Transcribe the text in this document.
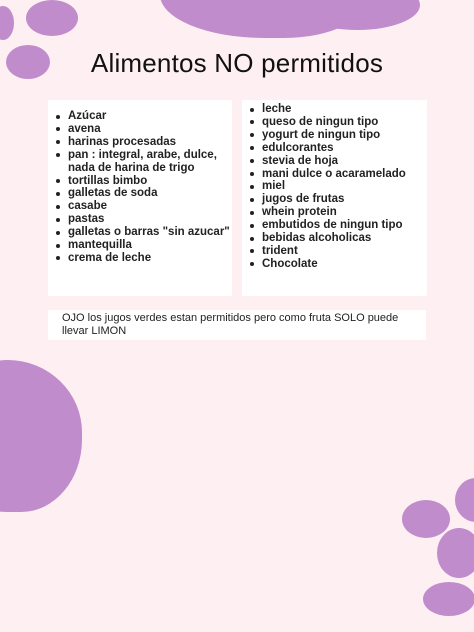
Alimentos NO permitidos
Azúcar
avena
harinas procesadas
pan : integral, arabe, dulce, nada de harina de trigo
tortillas bimbo
galletas de soda
casabe
pastas
galletas o barras "sin azucar"
mantequilla
crema de leche
leche
queso de ningun tipo
yogurt de ningun tipo
edulcorantes
stevia de hoja
mani dulce o acaramelado
miel
jugos de frutas
whein protein
embutidos de ningun tipo
bebidas alcoholicas
trident
Chocolate

OJO los jugos verdes estan permitidos pero como fruta SOLO puede llevar LIMON
